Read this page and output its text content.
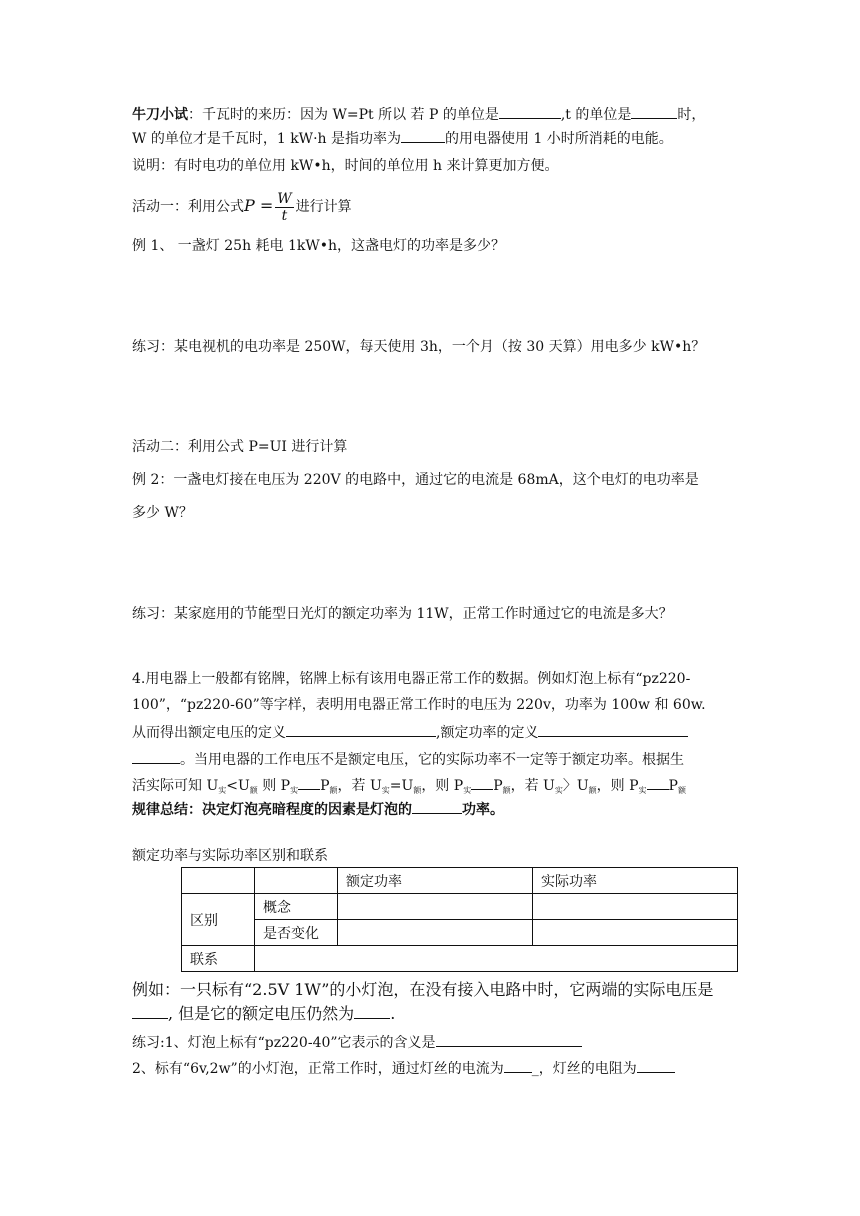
牛刀小试：千瓦时的来历：因为 W=Pt 所以 若 P 的单位是	,t 的单位是	时，
W 的单位才是千瓦时，1 kW·h 是指功率为	的用电器使用 1 小时所消耗的电能。
说明：有时电功的单位用 kW•h，时间的单位用 h 来计算更加方便。
活动一：利用公式$P = \frac{W}{t}$ 进行计算
例 1、 一盏灯 25h 耗电 1kW•h，这盏电灯的功率是多少？
练习：某电视机的电功率是 250W，每天使用 3h，一个月（按 30 天算）用电多少 kW•h？
活动二：利用公式 P=UI 进行计算
例 2：一盏电灯接在电压为 220V 的电路中，通过它的电流是 68mA，这个电灯的电功率是
多少 W？
练习：某家庭用的节能型日光灯的额定功率为 11W，正常工作时通过它的电流是多大？
4.用电器上一般都有铭牌，铭牌上标有该用电器正常工作的数据。例如灯泡上标有“pz220-
100”，“pz220-60”等字样，表明用电器正常工作时的电压为 220v，功率为 100w 和 60w.
从而得出额定电压的定义	,额定功率的定义
。当用电器的工作电压不是额定电压，它的实际功率不一定等于额定功率。根据生
活实际可知 $U_实<U_额$ 则 $P_实$ $P_额$，若 $U_实=U_额$，则 $P_实$ $P_额$，若 $U_实$〉$U_额$，则 $P_实$ $P_额$
规律总结：决定灯泡亮暗程度的因素是灯泡的	功率。
额定功率与实际功率区别和联系
		额定功率	实际功率
区别	概念		
	是否变化		
联系			
例如：一只标有“2.5V 1W”的小灯泡，在没有接入电路中时，它两端的实际电压是
, 但是它的额定电压仍然为 .
练习:1、灯泡上标有“pz220-40”它表示的含义是
2、标有“6v,2w”的小灯泡，正常工作时，通过灯丝的电流为 _，灯丝的电阻为
